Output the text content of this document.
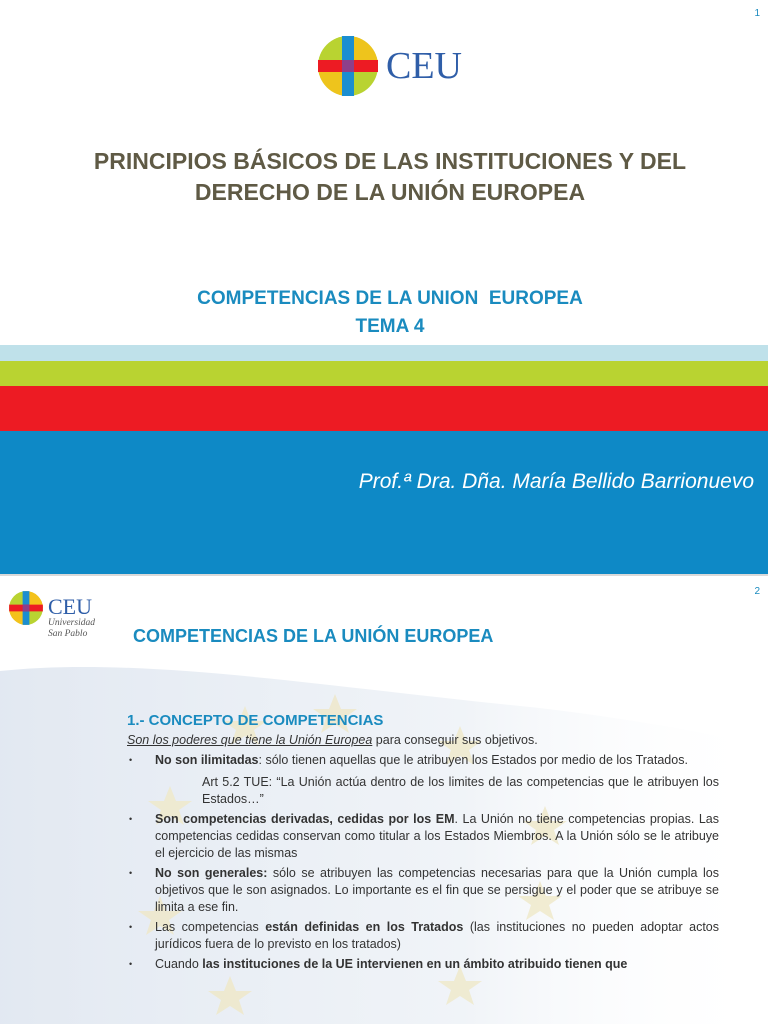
1
CEU
PRINCIPIOS BÁSICOS DE LAS INSTITUCIONES Y DEL DERECHO DE LA UNIÓN EUROPEA
COMPETENCIAS DE LA UNION  EUROPEA
TEMA 4
Prof.ª Dra. Dña. María Bellido Barrionuevo
2
CEU
Universidad
San Pablo	COMPETENCIAS DE LA UNIÓN EUROPEA
1.- CONCEPTO DE COMPETENCIAS
Son los poderes que tiene la Unión Europea para conseguir sus objetivos.
• No son ilimitadas: sólo tienen aquellas que le atribuyen los Estados por medio de los Tratados.
Art 5.2 TUE: “La Unión actúa dentro de los limites de las competencias que le atribuyen los Estados…”
• Son competencias derivadas, cedidas por los EM. La Unión no tiene competencias propias. Las competencias cedidas conservan como titular a los Estados Miembros. A la Unión sólo se le atribuye el ejercicio de las mismas
• No son generales: sólo se atribuyen las competencias necesarias para que la Unión cumpla los objetivos que le son asignados. Lo importante es el fin que se persigue y el poder que se atribuye se limita a ese fin.
• Las competencias están definidas en los Tratados (las instituciones no pueden adoptar actos jurídicos fuera de lo previsto en los tratados)
• Cuando las instituciones de la UE intervienen en un ámbito atribuido tienen que
